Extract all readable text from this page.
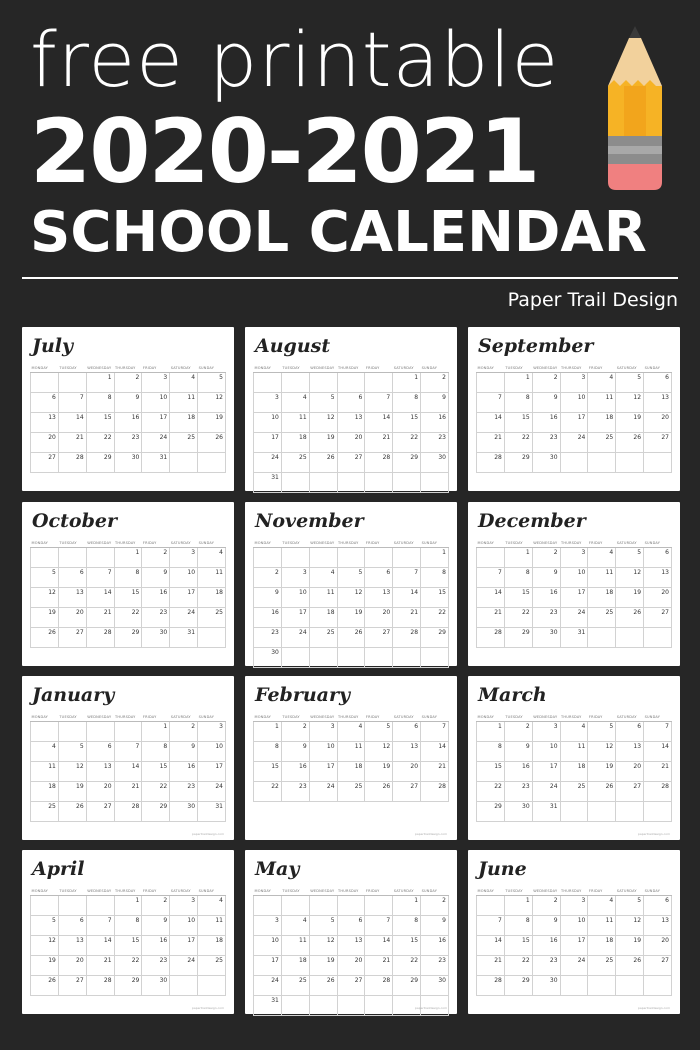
free printable
2020-2021
SCHOOL CALENDAR
Paper Trail Design
July
MONDAY	TUESDAY	WEDNESDAY	THURSDAY	FRIDAY	SATURDAY	SUNDAY

		1	2	3	4	5

6	7	8	9	10	11	12

13	14	15	16	17	18	19

20	21	22	23	24	25	26

27	28	29	30	31		

August
MONDAY	TUESDAY	WEDNESDAY	THURSDAY	FRIDAY	SATURDAY	SUNDAY

					1	2

3	4	5	6	7	8	9

10	11	12	13	14	15	16

17	18	19	20	21	22	23

24	25	26	27	28	29	30

31						

September
MONDAY	TUESDAY	WEDNESDAY	THURSDAY	FRIDAY	SATURDAY	SUNDAY

	1	2	3	4	5	6

7	8	9	10	11	12	13

14	15	16	17	18	19	20

21	22	23	24	25	26	27

28	29	30				

October
MONDAY	TUESDAY	WEDNESDAY	THURSDAY	FRIDAY	SATURDAY	SUNDAY

			1	2	3	4

5	6	7	8	9	10	11

12	13	14	15	16	17	18

19	20	21	22	23	24	25

26	27	28	29	30	31	

November
MONDAY	TUESDAY	WEDNESDAY	THURSDAY	FRIDAY	SATURDAY	SUNDAY

						1

2	3	4	5	6	7	8

9	10	11	12	13	14	15

16	17	18	19	20	21	22

23	24	25	26	27	28	29

30						

December
MONDAY	TUESDAY	WEDNESDAY	THURSDAY	FRIDAY	SATURDAY	SUNDAY

	1	2	3	4	5	6

7	8	9	10	11	12	13

14	15	16	17	18	19	20

21	22	23	24	25	26	27

28	29	30	31			

January
MONDAY	TUESDAY	WEDNESDAY	THURSDAY	FRIDAY	SATURDAY	SUNDAY

				1	2	3

4	5	6	7	8	9	10

11	12	13	14	15	16	17

18	19	20	21	22	23	24

25	26	27	28	29	30	31
papertraildesign.com
February
MONDAY	TUESDAY	WEDNESDAY	THURSDAY	FRIDAY	SATURDAY	SUNDAY

1	2	3	4	5	6	7

8	9	10	11	12	13	14

15	16	17	18	19	20	21

22	23	24	25	26	27	28
papertraildesign.com
March
MONDAY	TUESDAY	WEDNESDAY	THURSDAY	FRIDAY	SATURDAY	SUNDAY

1	2	3	4	5	6	7

8	9	10	11	12	13	14

15	16	17	18	19	20	21

22	23	24	25	26	27	28

29	30	31				

papertraildesign.com
April
MONDAY	TUESDAY	WEDNESDAY	THURSDAY	FRIDAY	SATURDAY	SUNDAY

			1	2	3	4

5	6	7	8	9	10	11

12	13	14	15	16	17	18

19	20	21	22	23	24	25

26	27	28	29	30		

papertraildesign.com
May
MONDAY	TUESDAY	WEDNESDAY	THURSDAY	FRIDAY	SATURDAY	SUNDAY

					1	2

3	4	5	6	7	8	9

10	11	12	13	14	15	16

17	18	19	20	21	22	23

24	25	26	27	28	29	30

31						

papertraildesign.com
June
MONDAY	TUESDAY	WEDNESDAY	THURSDAY	FRIDAY	SATURDAY	SUNDAY

	1	2	3	4	5	6

7	8	9	10	11	12	13

14	15	16	17	18	19	20

21	22	23	24	25	26	27

28	29	30				

papertraildesign.com
